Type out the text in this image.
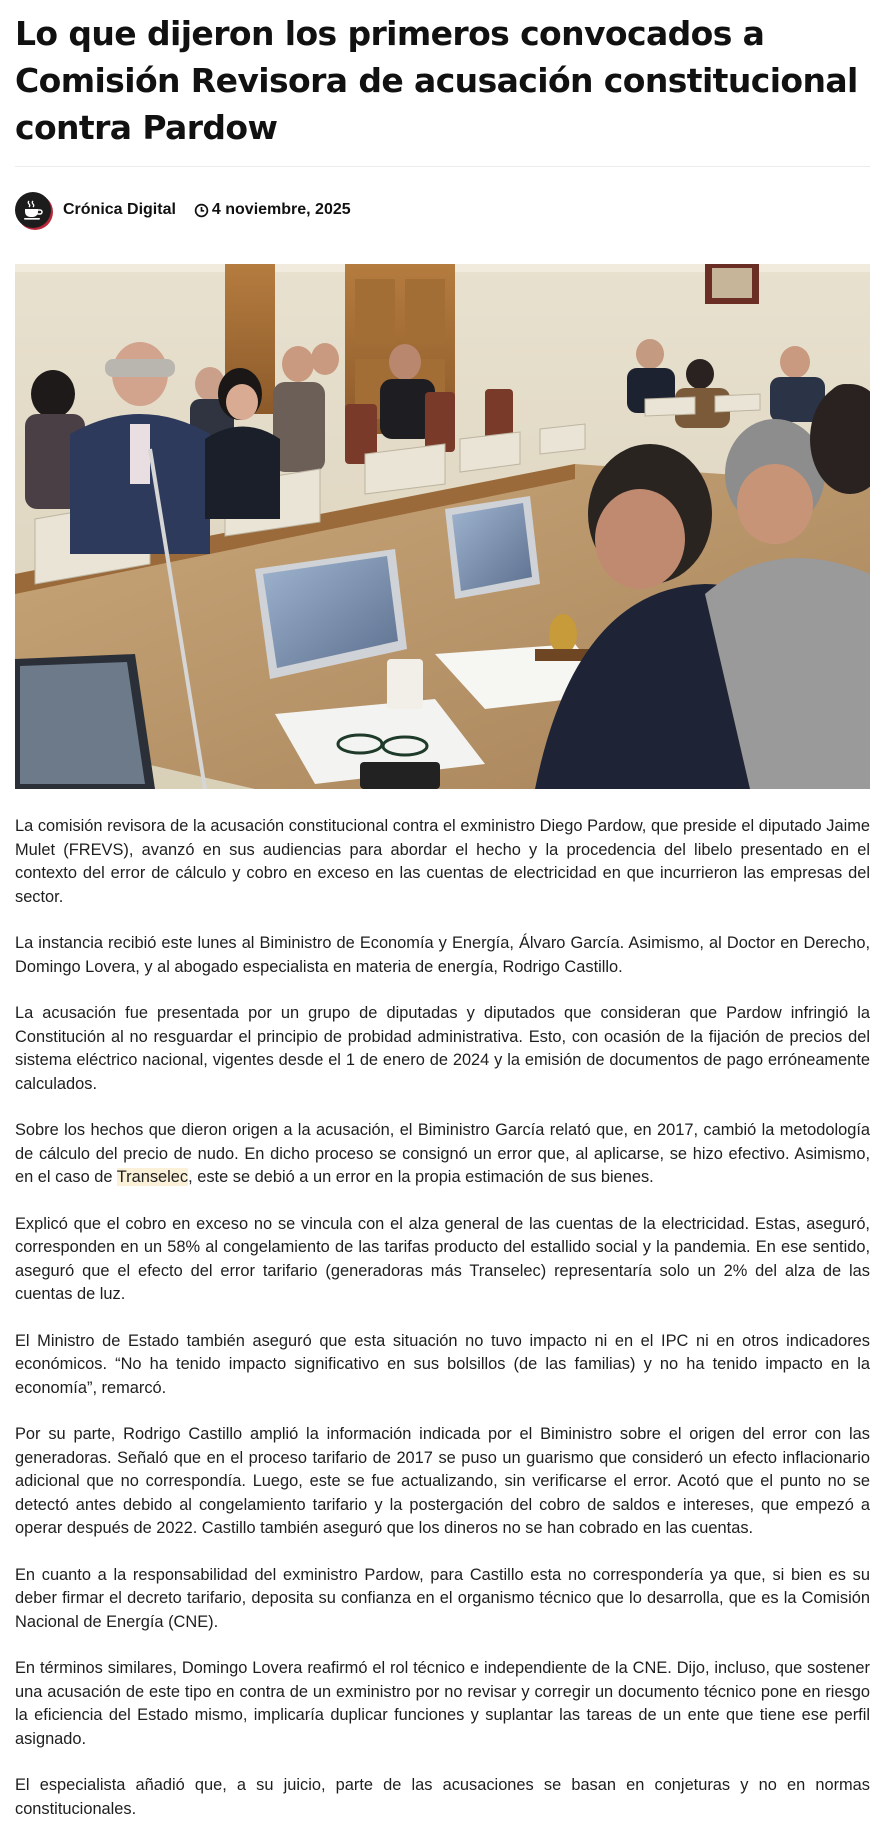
Lo que dijeron los primeros convocados a Comisión Revisora de acusación constitucional contra Pardow
Crónica Digital 4 noviembre, 2025

La comisión revisora de la acusación constitucional contra el exministro Diego Pardow, que preside el diputado Jaime Mulet (FREVS), avanzó en sus audiencias para abordar el hecho y la procedencia del libelo presentado en el contexto del error de cálculo y cobro en exceso en las cuentas de electricidad en que incurrieron las empresas del sector.

La instancia recibió este lunes al Biministro de Economía y Energía, Álvaro García. Asimismo, al Doctor en Derecho, Domingo Lovera, y al abogado especialista en materia de energía, Rodrigo Castillo.

La acusación fue presentada por un grupo de diputadas y diputados que consideran que Pardow infringió la Constitución al no resguardar el principio de probidad administrativa. Esto, con ocasión de la fijación de precios del sistema eléctrico nacional, vigentes desde el 1 de enero de 2024 y la emisión de documentos de pago erróneamente calculados.

Sobre los hechos que dieron origen a la acusación, el Biministro García relató que, en 2017, cambió la metodología de cálculo del precio de nudo. En dicho proceso se consignó un error que, al aplicarse, se hizo efectivo. Asimismo, en el caso de Transelec, este se debió a un error en la propia estimación de sus bienes.

Explicó que el cobro en exceso no se vincula con el alza general de las cuentas de la electricidad. Estas, aseguró, corresponden en un 58% al congelamiento de las tarifas producto del estallido social y la pandemia. En ese sentido, aseguró que el efecto del error tarifario (generadoras más Transelec) representaría solo un 2% del alza de las cuentas de luz.

El Ministro de Estado también aseguró que esta situación no tuvo impacto ni en el IPC ni en otros indicadores económicos. “No ha tenido impacto significativo en sus bolsillos (de las familias) y no ha tenido impacto en la economía”, remarcó.

Por su parte, Rodrigo Castillo amplió la información indicada por el Biministro sobre el origen del error con las generadoras. Señaló que en el proceso tarifario de 2017 se puso un guarismo que consideró un efecto inflacionario adicional que no correspondía. Luego, este se fue actualizando, sin verificarse el error. Acotó que el punto no se detectó antes debido al congelamiento tarifario y la postergación del cobro de saldos e intereses, que empezó a operar después de 2022. Castillo también aseguró que los dineros no se han cobrado en las cuentas.

En cuanto a la responsabilidad del exministro Pardow, para Castillo esta no correspondería ya que, si bien es su deber firmar el decreto tarifario, deposita su confianza en el organismo técnico que lo desarrolla, que es la Comisión Nacional de Energía (CNE).

En términos similares, Domingo Lovera reafirmó el rol técnico e independiente de la CNE. Dijo, incluso, que sostener una acusación de este tipo en contra de un exministro por no revisar y corregir un documento técnico pone en riesgo la eficiencia del Estado mismo, implicaría duplicar funciones y suplantar las tareas de un ente que tiene ese perfil asignado.

El especialista añadió que, a su juicio, parte de las acusaciones se basan en conjeturas y no en normas constitucionales.
